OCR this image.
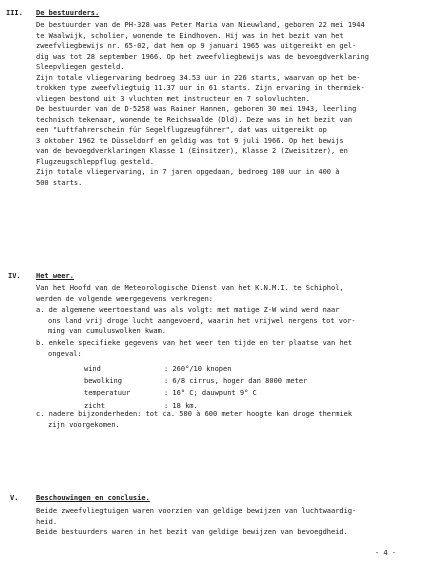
III.	De bestuurders.
De bestuurder van de PH-328 was Peter Maria van Nieuwland, geboren 22 mei 1944
te Waalwijk, scholier, wonende te Eindhoven. Hij was in het bezit van het
zweefvliegbewijs nr. 65-02, dat hem op 9 januari 1965 was uitgereikt en gel-
dig was tot 28 september 1966. Op het zweefvliegbewijs was de bevoegdverklaring
Sleepvliegen gesteld.
Zijn totale vliegervaring bedroeg 34.53 uur in 226 starts, waarvan op het be-
trokken type zweefvliegtuig 11.37 uur in 61 starts. Zijn ervaring in thermiek-
vliegen bestond uit 3 vluchten met instructeur en 7 solovluchten.
De bestuurder van de D-5258 was Rainer Hannen, geboren 30 mei 1943, leerling
technisch tekenaar, wonende te Reichswalde (Dld). Deze was in het bezit van
een "Luftfahrerschein für Segelflugzeugführer", dat was uitgereikt op
3 oktober 1962 te Düsseldorf en geldig was tot 9 juli 1966. Op het bewijs
van de bevoegdverklaringen Klasse 1 (Einsitzer), Klasse 2 (Zweisitzer), en
Flugzeugschleppflug gesteld.
Zijn totale vliegervaring, in 7 jaren opgedaan, bedroeg 100 uur in 400 à
500 starts.
IV.	Het weer.
Van het Hoofd van de Meteorologische Dienst van het K.N.M.I. te Schiphol,
werden de volgende weergegevens verkregen:
a. de algemene weertoestand was als volgt: met matige Z-W wind werd naar
ons land vrij droge lucht aangevoerd, waarin het vrijwel nergens tot vor-
ming van cumuluswolken kwam.
b. enkele specifieke gegevens van het weer ten tijde en ter plaatse van het
ongeval:
wind	: 260°/10 knopen
bewolking	: 6/8 cirrus, hoger dan 8000 meter
temperatuur	: 16° C; dauwpunt 9° C
zicht	: 18 km.
c. nadere bijzonderheden: tot ca. 500 à 600 meter hoogte kan droge thermiek
zijn voorgekomen.
V.	Beschouwingen en conclusie.
Beide zweefvliegtuigen waren voorzien van geldige bewijzen van luchtwaardig-
heid.
Beide bestuurders waren in het bezit van geldige bewijzen van bevoegdheid.
- 4 -
